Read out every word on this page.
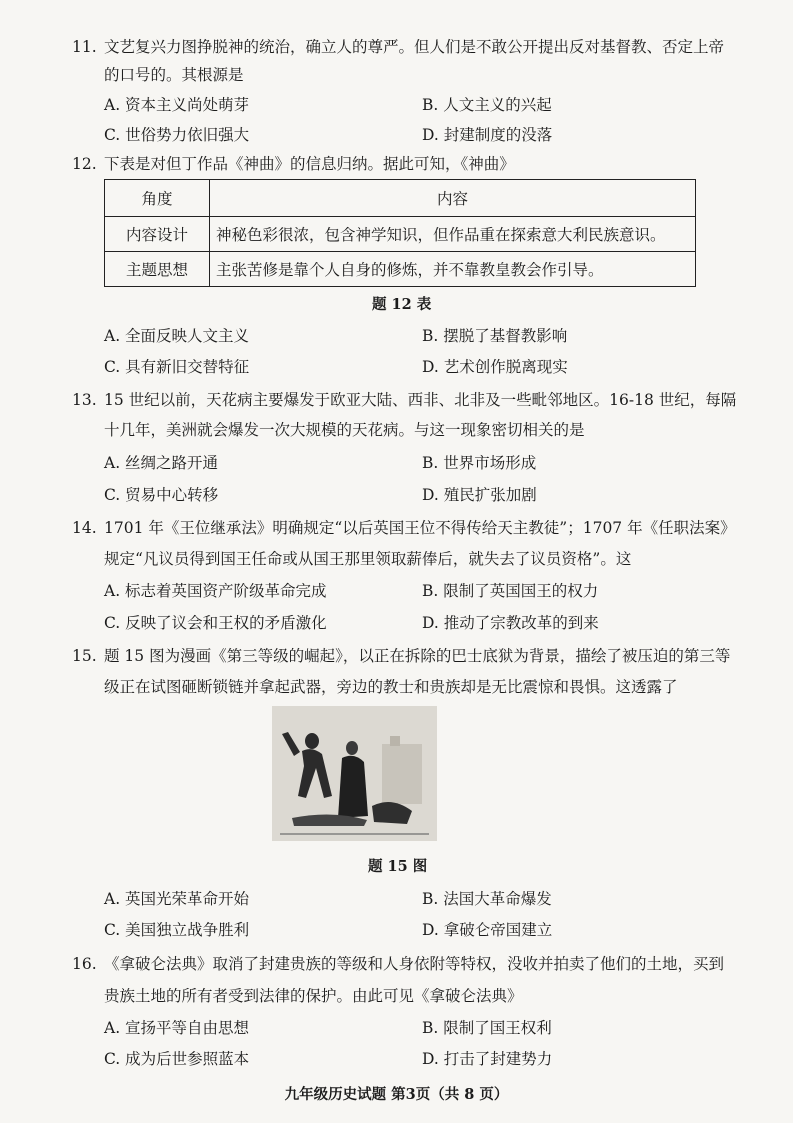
11. 文艺复兴力图挣脱神的统治，确立人的尊严。但人们是不敢公开提出反对基督教、否定上帝
的口号的。其根源是
A. 资本主义尚处萌芽	B. 人文主义的兴起
C. 世俗势力依旧强大	D. 封建制度的没落
12. 下表是对但丁作品《神曲》的信息归纳。据此可知，《神曲》
角度	内容
内容设计	神秘色彩很浓，包含神学知识，但作品重在探索意大利民族意识。
主题思想	主张苦修是靠个人自身的修炼，并不靠教皇教会作引导。
题 12 表
A. 全面反映人文主义	B. 摆脱了基督教影响
C. 具有新旧交替特征	D. 艺术创作脱离现实
13. 15 世纪以前，天花病主要爆发于欧亚大陆、西非、北非及一些毗邻地区。16-18 世纪，每隔
十几年，美洲就会爆发一次大规模的天花病。与这一现象密切相关的是
A. 丝绸之路开通	B. 世界市场形成
C. 贸易中心转移	D. 殖民扩张加剧
14. 1701 年《王位继承法》明确规定“以后英国王位不得传给天主教徒”；1707 年《任职法案》
规定“凡议员得到国王任命或从国王那里领取薪俸后，就失去了议员资格”。这
A. 标志着英国资产阶级革命完成	B. 限制了英国国王的权力
C. 反映了议会和王权的矛盾激化	D. 推动了宗教改革的到来
15. 题 15 图为漫画《第三等级的崛起》，以正在拆除的巴士底狱为背景，描绘了被压迫的第三等
级正在试图砸断锁链并拿起武器，旁边的教士和贵族却是无比震惊和畏惧。这透露了
题 15 图
A. 英国光荣革命开始	B. 法国大革命爆发
C. 美国独立战争胜利	D. 拿破仑帝国建立
16. 《拿破仑法典》取消了封建贵族的等级和人身依附等特权，没收并拍卖了他们的土地，买到
贵族土地的所有者受到法律的保护。由此可见《拿破仑法典》
A. 宣扬平等自由思想	B. 限制了国王权利
C. 成为后世参照蓝本	D. 打击了封建势力
九年级历史试题 第3页（共 8 页）
